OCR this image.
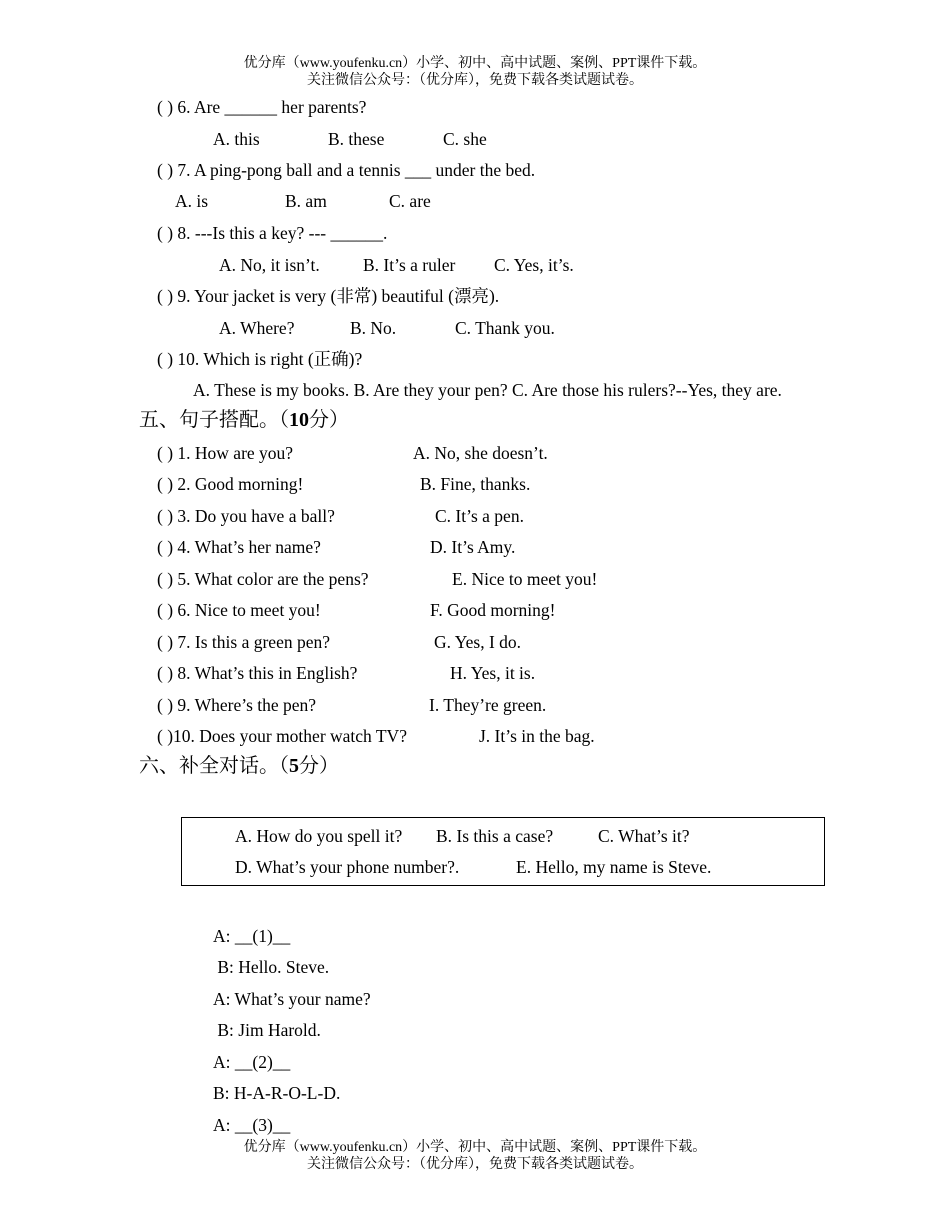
优分库（www.youfenku.cn）小学、初中、高中试题、案例、PPT课件下载。
关注微信公众号：（优分库），免费下载各类试题试卷。
( ) 6. Are ______ her parents?
A. this	B. these	C. she
( ) 7. A ping-pong ball and a tennis ___ under the bed.
A. is	B. am	C. are
( ) 8. ---Is this a key? --- ______.
A. No, it isn’t. B. It’s a ruler C. Yes, it’s.
( ) 9. Your jacket is very (非常) beautiful (漂亮).
A. Where?	B. No.	C. Thank you.
( ) 10. Which is right (正确)?
A. These is my books. B. Are they your pen? C. Are those his rulers?--Yes, they are.
五、句子搭配。（10分）
( ) 1. How are you?	A. No, she doesn’t.
( ) 2. Good morning!	B. Fine, thanks.
( ) 3. Do you have a ball?	C. It’s a pen.
( ) 4. What’s her name?	D. It’s Amy.
( ) 5. What color are the pens?	E. Nice to meet you!
( ) 6. Nice to meet you!	F. Good morning!
( ) 7. Is this a green pen?	G. Yes, I do.
( ) 8. What’s this in English?	H. Yes, it is.
( ) 9. Where’s the pen?	I. They’re green.
( )10. Does your mother watch TV?	J. It’s in the bag.
六、补全对话。（5分）
A. How do you spell it? B. Is this a case?	C. What’s it?
D. What’s your phone number?.	E. Hello, my name is Steve.
A: __(1)__
B: Hello. Steve.
A: What’s your name?
B: Jim Harold.
A: __(2)__
B: H-A-R-O-L-D.
A: __(3)__
优分库（www.youfenku.cn）小学、初中、高中试题、案例、PPT课件下载。
关注微信公众号：（优分库），免费下载各类试题试卷。
